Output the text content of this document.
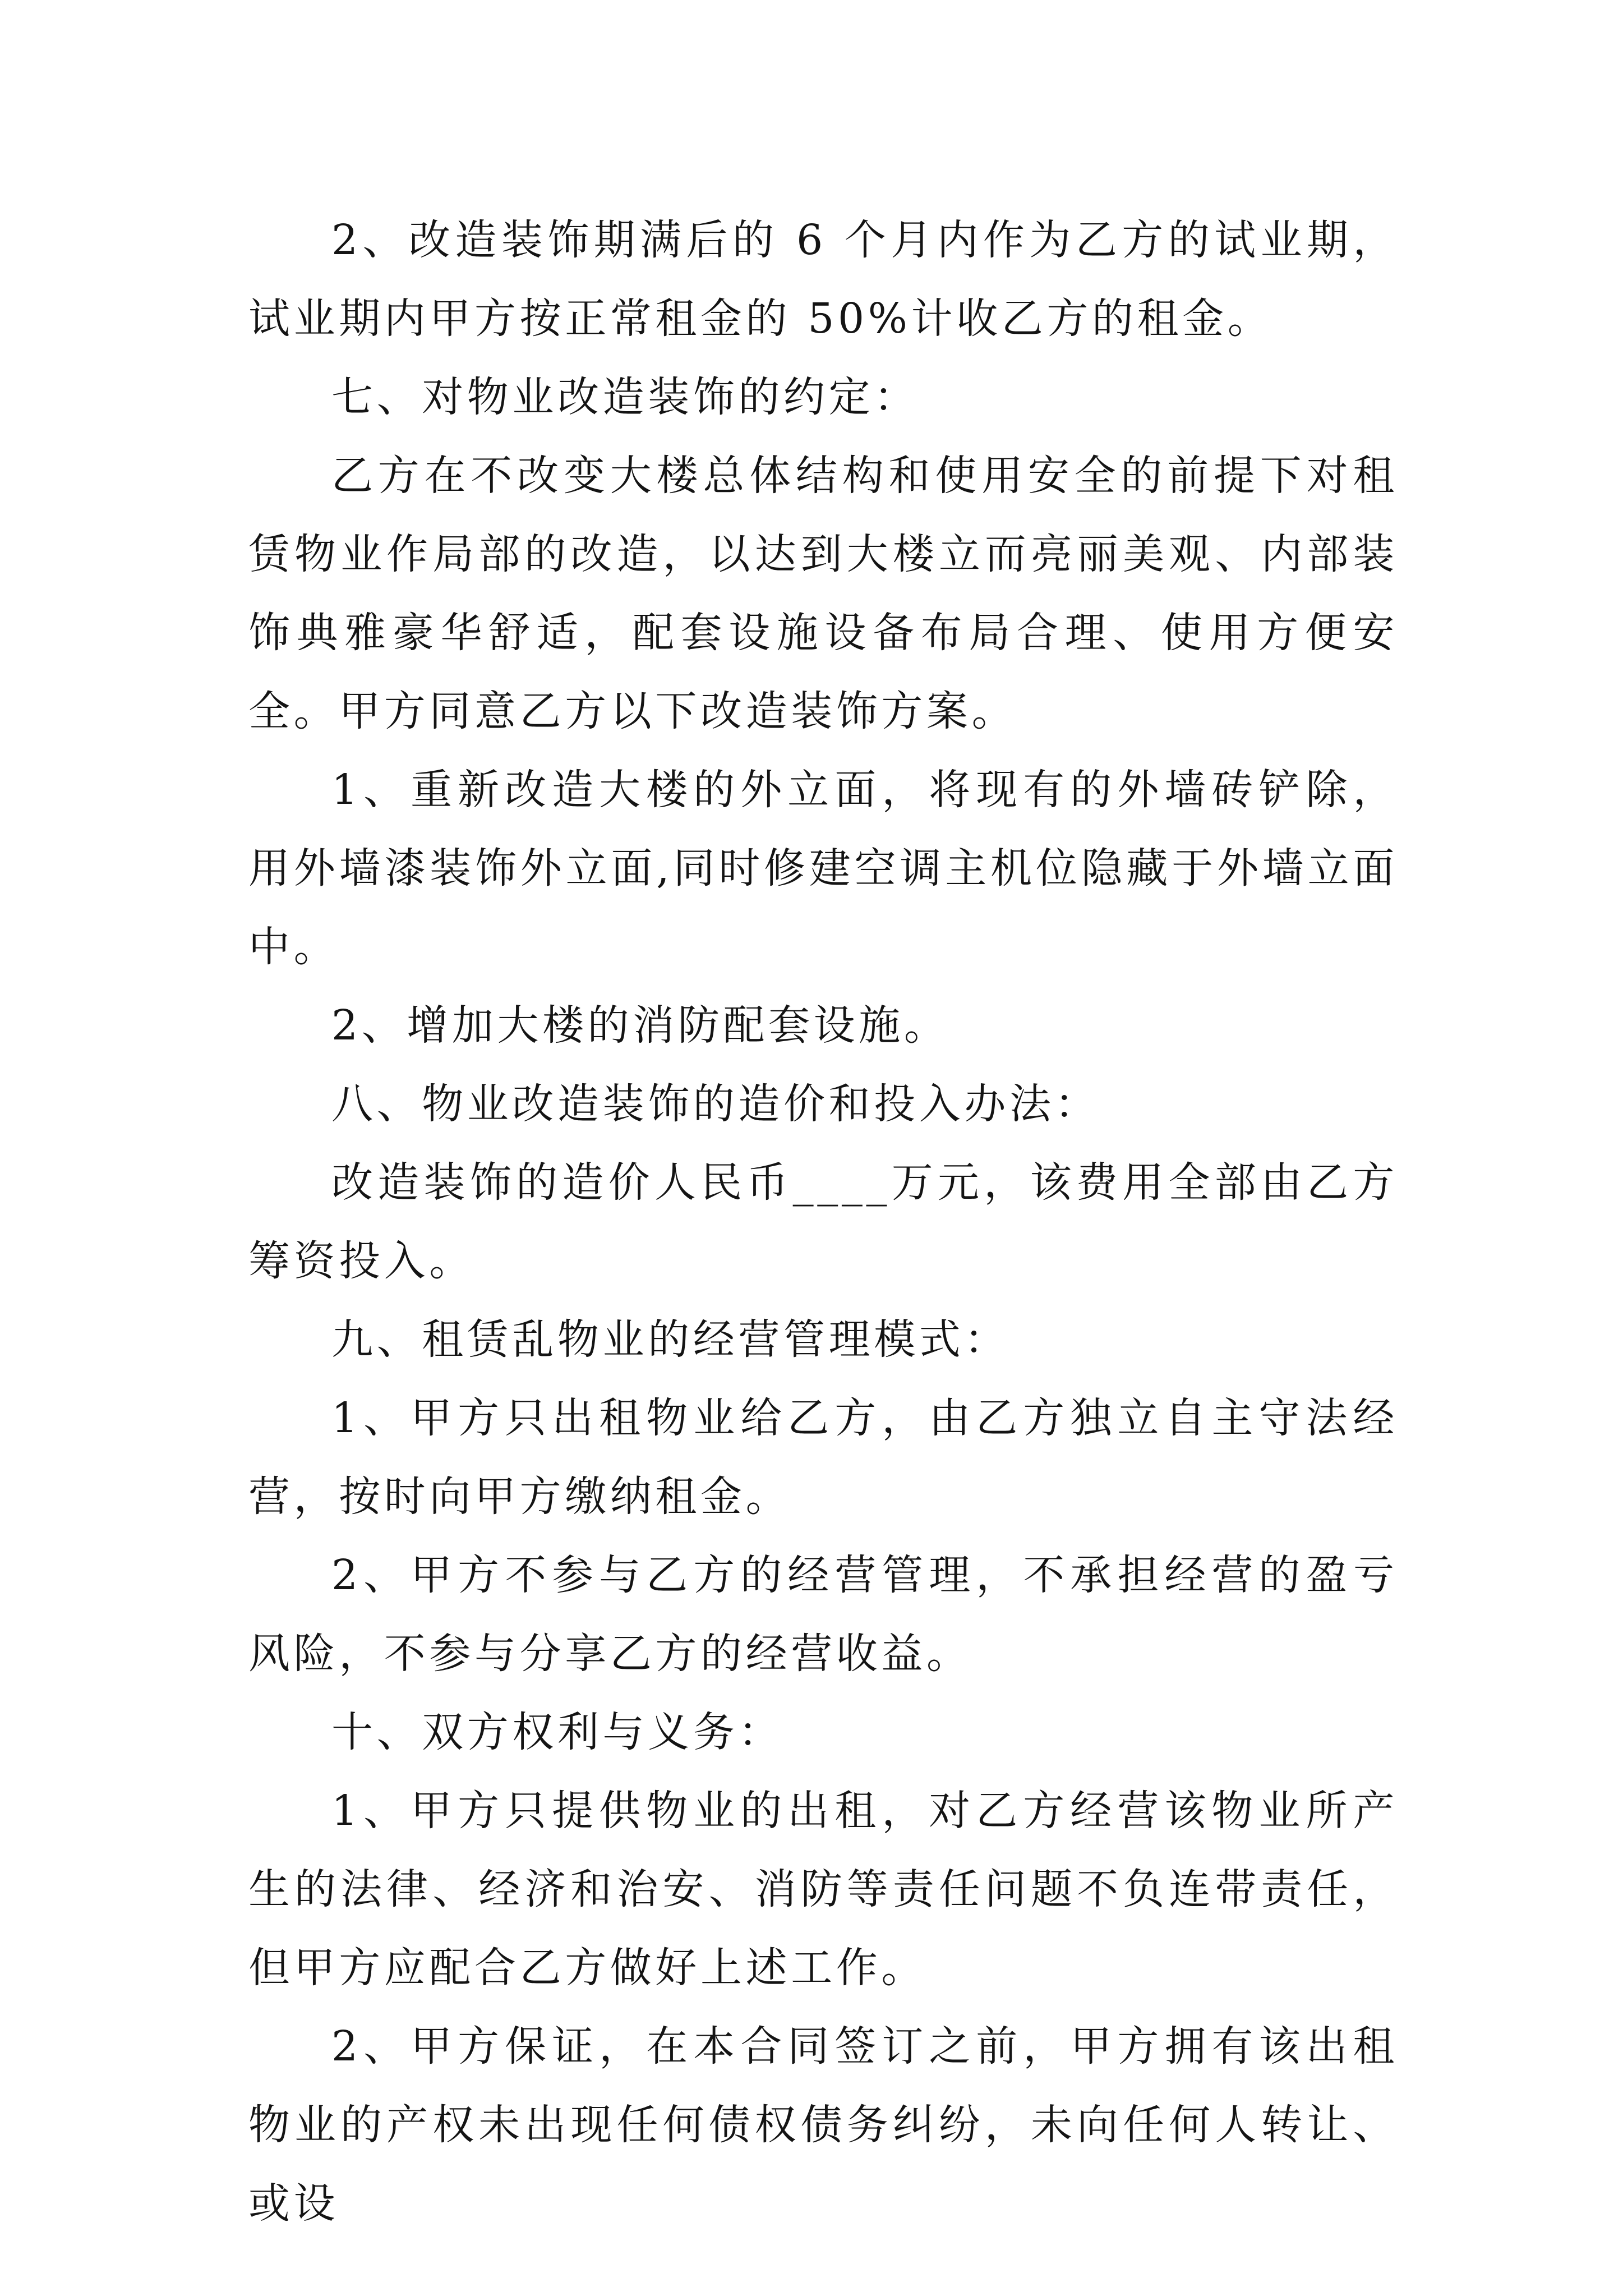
2、改造装饰期满后的 6 个月内作为乙方的试业期，试业期内甲方按正常租金的 50%计收乙方的租金。

七、对物业改造装饰的约定：

乙方在不改变大楼总体结构和使用安全的前提下对租赁物业作局部的改造，以达到大楼立而亮丽美观、内部装饰典雅豪华舒适，配套设施设备布局合理、使用方便安全。甲方同意乙方以下改造装饰方案。

1、重新改造大楼的外立面，将现有的外墙砖铲除，用外墙漆装饰外立面,同时修建空调主机位隐藏于外墙立面中。

2、增加大楼的消防配套设施。

八、物业改造装饰的造价和投入办法：

改造装饰的造价人民币____万元，该费用全部由乙方筹资投入。

九、租赁乱物业的经营管理模式：

1、甲方只出租物业给乙方，由乙方独立自主守法经营，按时向甲方缴纳租金。

2、甲方不参与乙方的经营管理，不承担经营的盈亏风险，不参与分享乙方的经营收益。

十、双方权利与义务：

1、甲方只提供物业的出租，对乙方经营该物业所产生的法律、经济和治安、消防等责任问题不负连带责任，但甲方应配合乙方做好上述工作。

2、甲方保证，在本合同签订之前，甲方拥有该出租物业的产权未出现任何债权债务纠纷，未向任何人转让、或设
